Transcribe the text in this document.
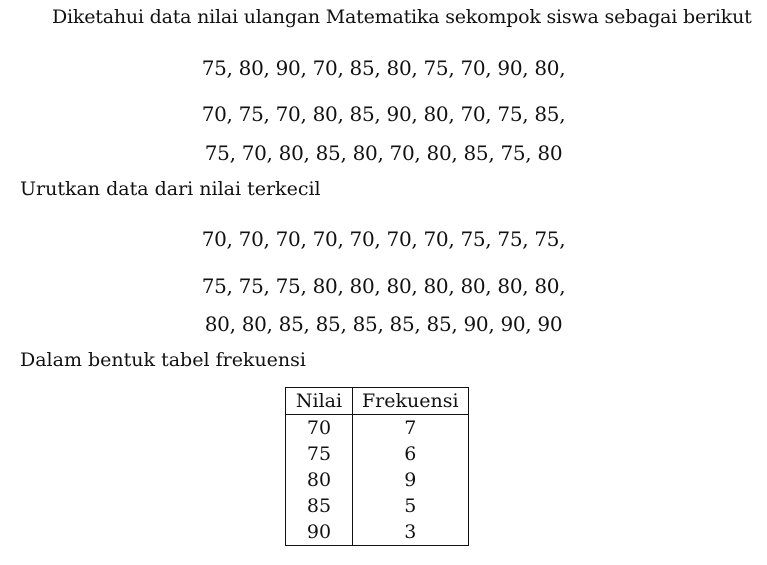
Diketahui data nilai ulangan Matematika sekompok siswa sebagai berikut
75, 80, 90, 70, 85, 80, 75, 70, 90, 80,
70, 75, 70, 80, 85, 90, 80, 70, 75, 85,
75, 70, 80, 85, 80, 70, 80, 85, 75, 80
Urutkan data dari nilai terkecil
70, 70, 70, 70, 70, 70, 70, 75, 75, 75,
75, 75, 75, 80, 80, 80, 80, 80, 80, 80,
80, 80, 85, 85, 85, 85, 85, 90, 90, 90
Dalam bentuk tabel frekuensi
Nilai	Frekuensi
70	7
75	6
80	9
85	5
90	3
